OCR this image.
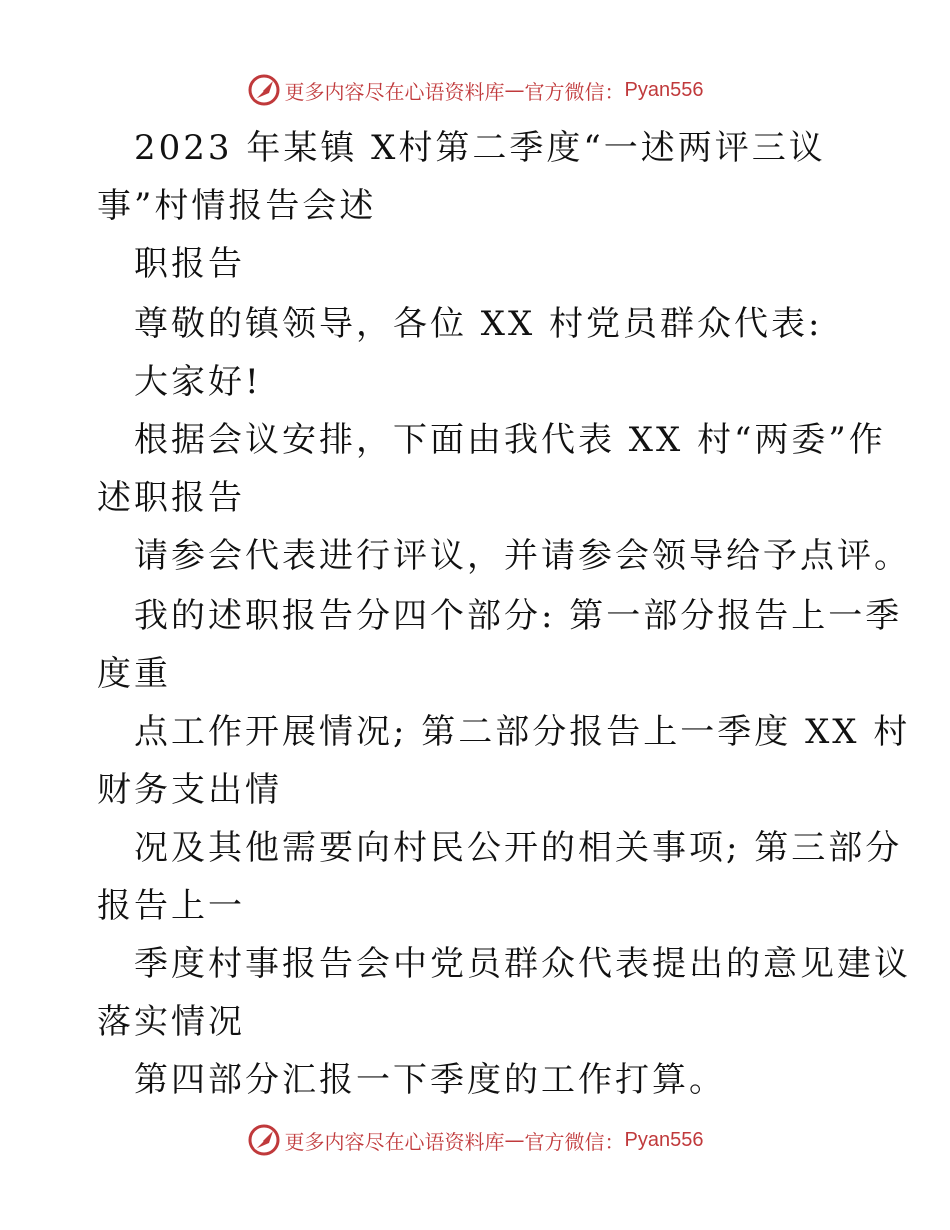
更多内容尽在心语资料库 — 官方微信： Pyan556
2023 年某镇 X村第二季度“一述两评三议
事”村情报告会述
职报告
尊敬的镇领导，各位 XX 村党员群众代表:
大家好!
根据会议安排，下面由我代表 XX 村“两委”作
述职报告
请参会代表进行评议，并请参会领导给予点评。
我的述职报告分四个部分: 第一部分报告上一季
度重
点工作开展情况; 第二部分报告上一季度 XX 村
财务支出情
况及其他需要向村民公开的相关事项; 第三部分
报告上一
季度村事报告会中党员群众代表提出的意见建议
落实情况
第四部分汇报一下季度的工作打算。
更多内容尽在心语资料库 — 官方微信： Pyan556
